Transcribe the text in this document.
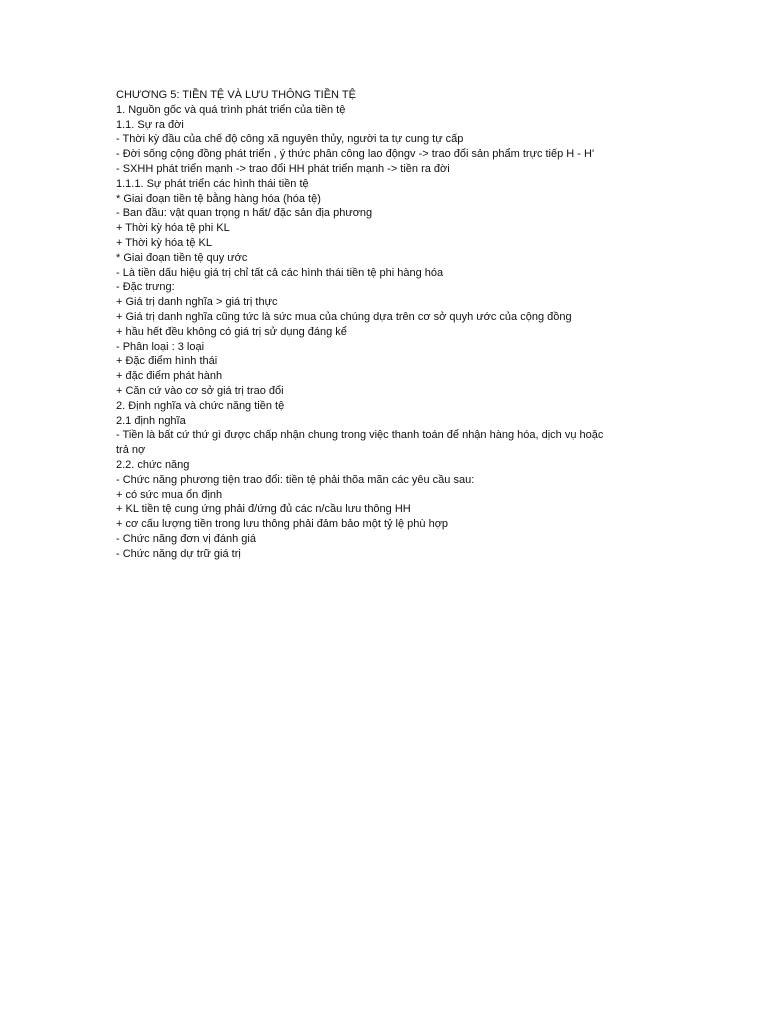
CHƯƠNG 5: TIỀN TỆ VÀ LƯU THÔNG TIỀN TỆ

1. Nguồn gốc và quá trình phát triển của tiền tệ

1.1. Sự ra đời

- Thời kỳ đầu của chế độ công xã nguyên thủy, người ta tự cung tự cấp

- Đời sống cộng đồng phát triển , ý thức phân công lao độngv -> trao đổi sản phẩm trực tiếp H - H'

- SXHH phát triển mạnh -> trao đổi HH phát triển mạnh -> tiền ra đời

1.1.1. Sự phát triển các hình thái tiền tệ

* Giai đoạn tiền tệ bằng hàng hóa (hóa tệ)

- Ban đầu: vật quan trọng n hất/ đặc sản địa phương

+ Thời kỳ hóa tệ phi KL

+ Thời kỳ hóa tệ KL

* Giai đoạn tiền tệ quy ước

- Là tiền dấu hiệu giá trị chỉ tất cả các hình thái tiền tệ phi hàng hóa

- Đặc trưng:

+ Giá trị danh nghĩa > giá trị thực

+ Giá trị danh nghĩa cũng tức là sức mua của chúng dựa trên cơ sở quyh ước của cộng đồng

+ hầu hết đều không có giá trị sử dụng đáng kể

- Phân loại : 3 loại

+ Đặc điểm hình thái

+ đặc điểm phát hành

+ Căn cứ vào cơ sở giá trị trao đổi

2. Định nghĩa và chức năng tiền tệ

2.1 định nghĩa

- Tiền là bất cứ thứ gì được chấp nhận chung trong việc thanh toán để nhận hàng hóa, dịch vụ hoặc

trả nợ

2.2. chức năng

- Chức năng phương tiện trao đổi: tiền tệ phải thõa mãn các yêu cầu sau:

+ có sức mua ổn định

+ KL tiền tệ cung ứng phải đ/ứng đủ các n/cầu lưu thông HH

+ cơ cấu lượng tiền trong lưu thông phải đảm bảo một tỷ lệ phù hợp

- Chức năng đơn vị đánh giá

- Chức năng dự trữ giá trị
